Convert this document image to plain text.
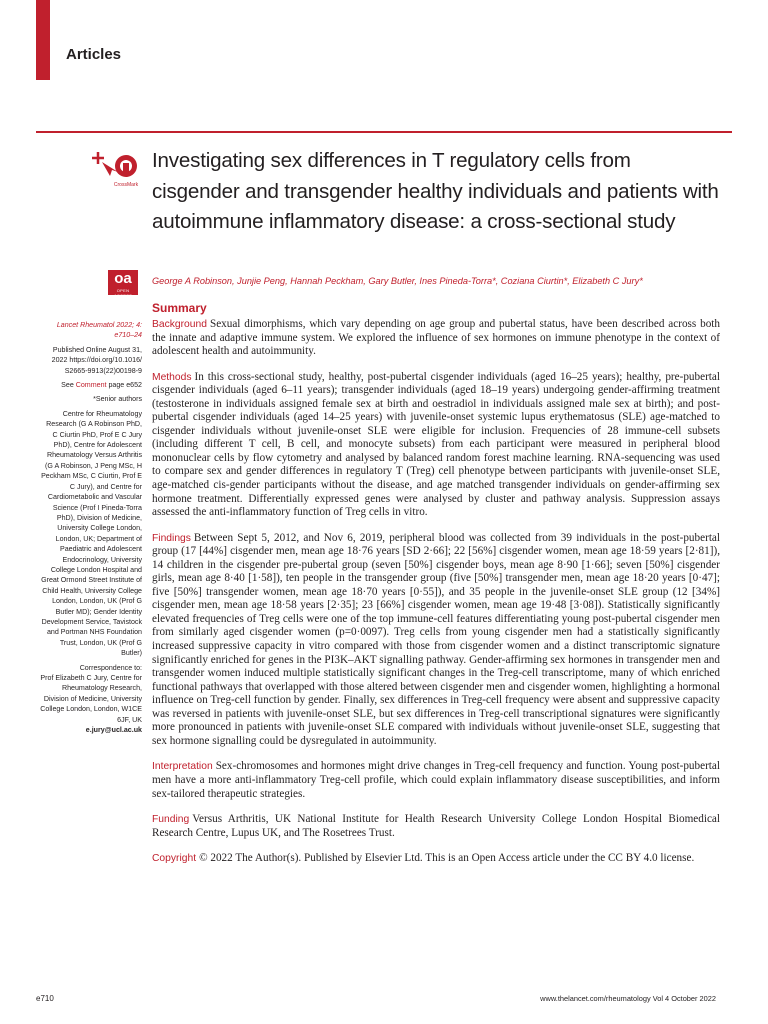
Articles
CrossMark
oa
OPEN ACCESS
Investigating sex differences in T regulatory cells from cisgender and transgender healthy individuals and patients with autoimmune inflammatory disease: a cross-sectional study
George A Robinson, Junjie Peng, Hannah Peckham, Gary Butler, Ines Pineda-Torra*, Coziana Ciurtin*, Elizabeth C Jury*
Summary

Lancet Rheumatol 2022; 4: e710–24

Published Online August 31, 2022 https://doi.org/10.1016/ S2665-9913(22)00198-9

See Comment page e652

*Senior authors

Centre for Rheumatology Research (G A Robinson PhD, C Ciurtin PhD, Prof E C Jury PhD), Centre for Adolescent Rheumatology Versus Arthritis (G A Robinson, J Peng MSc, H Peckham MSc, C Ciurtin, Prof E C Jury), and Centre for Cardiometabolic and Vascular Science (Prof I Pineda-Torra PhD), Division of Medicine, University College London, London, UK; Department of Paediatric and Adolescent Endocrinology, University College London Hospital and Great Ormond Street Institute of Child Health, University College London, London, UK (Prof G Butler MD); Gender Identity Development Service, Tavistock and Portman NHS Foundation Trust, London, UK (Prof G Butler)

Correspondence to:
Prof Elizabeth C Jury, Centre for Rheumatology Research, Division of Medicine, University College London, London, W1CE 6JF, UK
e.jury@ucl.ac.uk

Background Sexual dimorphisms, which vary depending on age group and pubertal status, have been described across both the innate and adaptive immune system. We explored the influence of sex hormones on immune phenotype in the context of adolescent health and autoimmunity.

Methods In this cross-sectional study, healthy, post-pubertal cisgender individuals (aged 16–25 years); healthy, pre-pubertal cisgender individuals (aged 6–11 years); transgender individuals (aged 18–19 years) undergoing gender-affirming treatment (testosterone in individuals assigned female sex at birth and oestradiol in individuals assigned male sex at birth); and post-pubertal cisgender individuals (aged 14–25 years) with juvenile-onset systemic lupus erythematosus (SLE) age-matched to cisgender individuals without juvenile-onset SLE were eligible for inclusion. Frequencies of 28 immune-cell subsets (including different T cell, B cell, and monocyte subsets) from each participant were measured in peripheral blood mononuclear cells by flow cytometry and analysed by balanced random forest machine learning. RNA-sequencing was used to compare sex and gender differences in regulatory T (Treg) cell phenotype between participants with juvenile-onset SLE, age-matched cis-gender participants without the disease, and age matched transgender individuals on gender-affirming sex hormone treatment. Differentially expressed genes were analysed by cluster and pathway analysis. Suppression assays assessed the anti-inflammatory function of Treg cells in vitro.

Findings Between Sept 5, 2012, and Nov 6, 2019, peripheral blood was collected from 39 individuals in the post-pubertal group (17 [44%] cisgender men, mean age 18·76 years [SD 2·66]; 22 [56%] cisgender women, mean age 18·59 years [2·81]), 14 children in the cisgender pre-pubertal group (seven [50%] cisgender boys, mean age 8·90 [1·66]; seven [50%] cisgender girls, mean age 8·40 [1·58]), ten people in the transgender group (five [50%] transgender men, mean age 18·20 years [0·47]; five [50%] transgender women, mean age 18·70 years [0·55]), and 35 people in the juvenile-onset SLE group (12 [34%] cisgender men, mean age 18·58 years [2·35]; 23 [66%] cisgender women, mean age 19·48 [3·08]). Statistically significantly elevated frequencies of Treg cells were one of the top immune-cell features differentiating young post-pubertal cisgender men from similarly aged cisgender women (p=0·0097). Treg cells from young cisgender men had a statistically significantly increased suppressive capacity in vitro compared with those from cisgender women and a distinct transcriptomic signature significantly enriched for genes in the PI3K–AKT signalling pathway. Gender-affirming sex hormones in transgender men and transgender women induced multiple statistically significant changes in the Treg-cell transcriptome, many of which enriched functional pathways that overlapped with those altered between cisgender men and cisgender women, highlighting a hormonal influence on Treg-cell function by gender. Finally, sex differences in Treg-cell frequency were absent and suppressive capacity was reversed in patients with juvenile-onset SLE, but sex differences in Treg-cell transcriptional signatures were significantly more pronounced in patients with juvenile-onset SLE compared with individuals without juvenile-onset SLE, suggesting that sex hormone signalling could be dysregulated in autoimmunity.

Interpretation Sex-chromosomes and hormones might drive changes in Treg-cell frequency and function. Young post-pubertal men have a more anti-inflammatory Treg-cell profile, which could explain inflammatory disease susceptibilities, and inform sex-tailored therapeutic strategies.

Funding Versus Arthritis, UK National Institute for Health Research University College London Hospital Biomedical Research Centre, Lupus UK, and The Rosetrees Trust.

Copyright © 2022 The Author(s). Published by Elsevier Ltd. This is an Open Access article under the CC BY 4.0 license.

e710	www.thelancet.com/rheumatology Vol 4 October 2022
